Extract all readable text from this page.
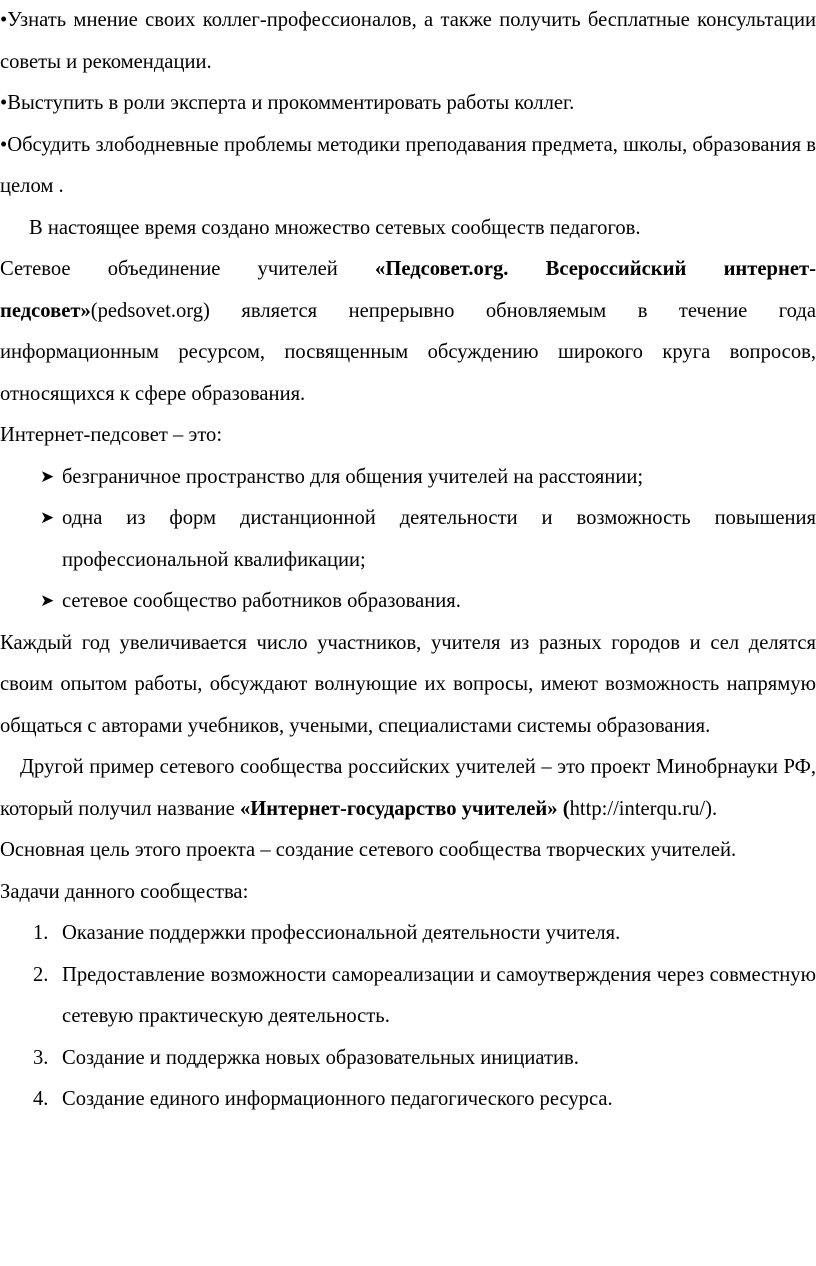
•Узнать мнение своих коллег-профессионалов, а также получить бесплатные консультации советы и рекомендации.

•Выступить в роли эксперта и прокомментировать работы коллег.

•Обсудить злободневные проблемы методики преподавания предмета, школы, образования в целом .

В настоящее время создано множество сетевых сообществ педагогов.

Сетевое объединение учителей «Педсовет.org. Всероссийский интернет-педсовет»(pedsovet.org) является непрерывно обновляемым в течение года информационным ресурсом, посвященным обсуждению широкого круга вопросов, относящихся к сфере образования.

Интернет-педсовет – это:

➤ безграничное пространство для общения учителей на расстоянии;
➤ одна из форм дистанционной деятельности и возможность повышения профессиональной квалификации;
➤ сетевое сообщество работников образования.

Каждый год увеличивается число участников, учителя из разных городов и сел делятся своим опытом работы, обсуждают волнующие их вопросы, имеют возможность напрямую общаться с авторами учебников, учеными, специалистами системы образования.

Другой пример сетевого сообщества российских учителей – это проект Минобрнауки РФ, который получил название «Интернет-государство учителей» (http://interqu.ru/).

Основная цель этого проекта – создание сетевого сообщества творческих учителей.

Задачи данного сообщества:

1. Оказание поддержки профессиональной деятельности учителя.
2. Предоставление возможности самореализации и самоутверждения через совместную сетевую практическую деятельность.
3. Создание и поддержка новых образовательных инициатив.
4. Создание единого информационного педагогического ресурса.
